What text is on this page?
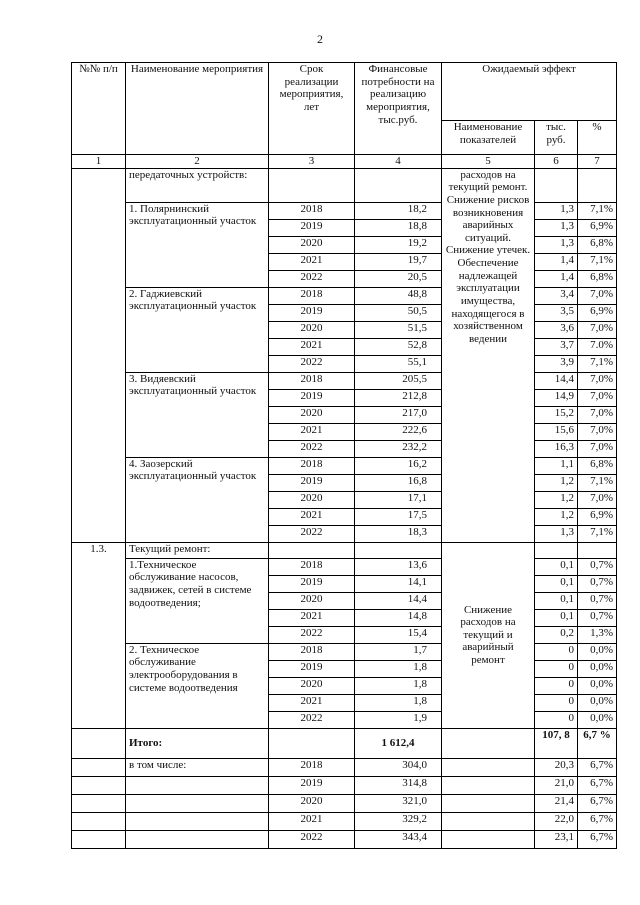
2
№№ п/п	Наименование мероприятия	Срок реализации мероприятия, лет	Финансовые потребности на реализацию мероприятия, тыс.руб.	Ожидаемый эффект		
				Наименование показателей	тыс. руб.	%
1	2	3	4	5	6	7
	передаточных устройств:			расходов на текущий ремонт. Снижение рисков возникновения аварийных ситуаций. Снижение утечек. Обеспечение надлежащей эксплуатации имущества, находящегося в хозяйственном ведении		
	1. Полярнинский эксплуатационный участок	2018	18,2		1,3	7,1%
		2019	18,8		1,3	6,9%
		2020	19,2		1,3	6,8%
		2021	19,7		1,4	7,1%
		2022	20,5		1,4	6,8%
	2. Гаджиевский эксплуатационный участок	2018	48,8		3,4	7,0%
		2019	50,5		3,5	6,9%
		2020	51,5		3,6	7,0%
		2021	52,8		3,7	7.0%
		2022	55,1		3,9	7,1%
	3. Видяевский эксплуатационный участок	2018	205,5		14,4	7,0%
		2019	212,8		14,9	7,0%
		2020	217,0		15,2	7,0%
		2021	222,6		15,6	7,0%
		2022	232,2		16,3	7,0%
	4. Заозерский эксплуатационный участок	2018	16,2		1,1	6,8%
		2019	16,8		1,2	7,1%
		2020	17,1		1,2	7,0%
		2021	17,5		1,2	6,9%
		2022	18,3		1,3	7,1%
1.3.	Текущий ремонт:			Снижение расходов на текущий и аварийный ремонт		
	1.Техническое обслуживание насосов, задвижек, сетей в системе водоотведения;	2018	13,6		0,1	0,7%
		2019	14,1		0,1	0,7%
		2020	14,4		0,1	0,7%
		2021	14,8		0,1	0,7%
		2022	15,4		0,2	1,3%
	2. Техническое обслуживание электрооборудования в системе водоотведения	2018	1,7		0	0,0%
		2019	1,8		0	0,0%
		2020	1,8		0	0,0%
		2021	1,8		0	0,0%
		2022	1,9		0	0,0%
	Итого:		1 612,4		107, 8	6,7 %
	в том числе:	2018	304,0		20,3	6,7%
		2019	314,8		21,0	6,7%
		2020	321,0		21,4	6,7%
		2021	329,2		22,0	6,7%
		2022	343,4		23,1	6,7%
